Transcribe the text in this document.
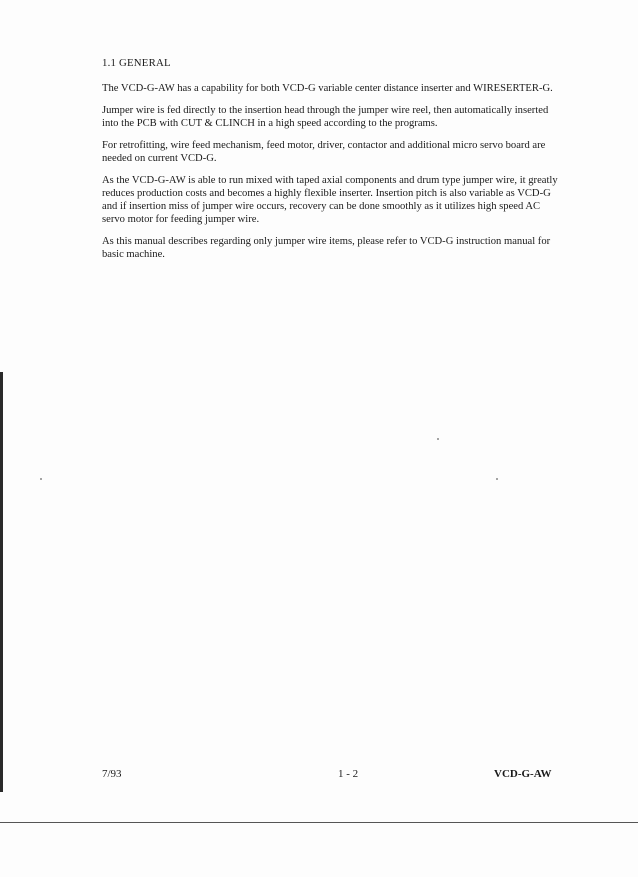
1.1 GENERAL

The VCD-G-AW has a capability for both VCD-G variable center distance inserter and WIRESERTER-G.

Jumper wire is fed directly to the insertion head through the jumper wire reel, then automatically inserted into the PCB with CUT & CLINCH in a high speed according to the programs.

For retrofitting, wire feed mechanism, feed motor, driver, contactor and additional micro servo board are needed on current VCD-G.

As the VCD-G-AW is able to run mixed with taped axial components and drum type jumper wire, it greatly reduces production costs and becomes a highly flexible inserter. Insertion pitch is also variable as VCD-G and if insertion miss of jumper wire occurs, recovery can be done smoothly as it utilizes high speed AC servo motor for feeding jumper wire.

As this manual describes regarding only jumper wire items, please refer to VCD-G instruction manual for basic machine.

7/93	1 - 2	VCD-G-AW
